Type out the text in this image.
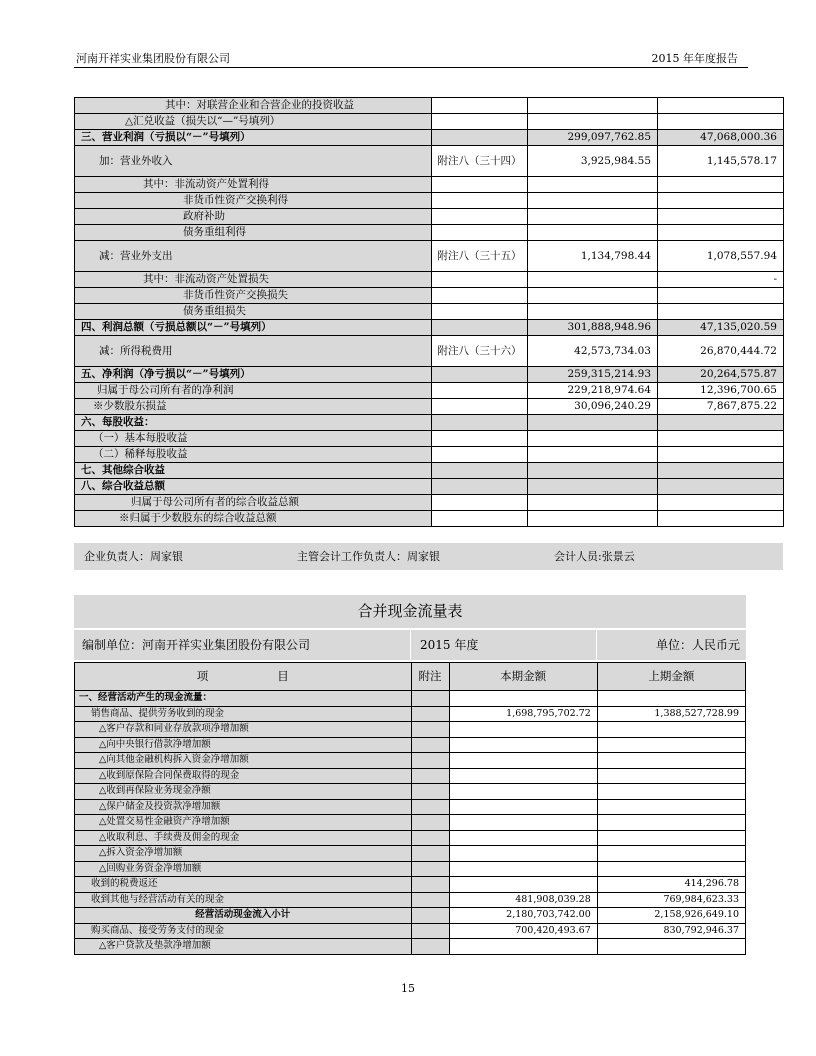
河南开祥实业集团股份有限公司	2015 年年度报告
其中：对联营企业和合营企业的投资收益			
△汇兑收益（损失以“—”号填列）			
三、营业利润（亏损以“－”号填列）		299,097,762.85	47,068,000.36
加：营业外收入	附注八（三十四）	3,925,984.55	1,145,578.17
其中：非流动资产处置利得			
非货币性资产交换利得			
政府补助			
债务重组利得			
减：营业外支出	附注八（三十五）	1,134,798.44	1,078,557.94
其中：非流动资产处置损失			-
非货币性资产交换损失			
债务重组损失			
四、利润总额（亏损总额以“－”号填列）		301,888,948.96	47,135,020.59
减：所得税费用	附注八（三十六）	42,573,734.03	26,870,444.72
五、净利润（净亏损以“－”号填列）		259,315,214.93	20,264,575.87
归属于母公司所有者的净利润		229,218,974.64	12,396,700.65
※少数股东损益		30,096,240.29	7,867,875.22
六、每股收益：			
（一）基本每股收益			
（二）稀释每股收益			
七、其他综合收益			
八、综合收益总额			
归属于母公司所有者的综合收益总额			
※归属于少数股东的综合收益总额			
企业负责人：周家银	主管会计工作负责人：周家银	会计人员:张景云
合并现金流量表
编制单位：河南开祥实业集团股份有限公司	2015 年度	单位：人民币元
项　　　　　　目	附注	本期金额	上期金额
一、经营活动产生的现金流量：			
销售商品、提供劳务收到的现金		1,698,795,702.72	1,388,527,728.99
△客户存款和同业存放款项净增加额			
△向中央银行借款净增加额			
△向其他金融机构拆入资金净增加额			
△收到原保险合同保费取得的现金			
△收到再保险业务现金净额			
△保户储金及投资款净增加额			
△处置交易性金融资产净增加额			
△收取利息、手续费及佣金的现金			
△拆入资金净增加额			
△回购业务资金净增加额			
收到的税费返还			414,296.78
收到其他与经营活动有关的现金		481,908,039.28	769,984,623.33
经营活动现金流入小计		2,180,703,742.00	2,158,926,649.10
购买商品、接受劳务支付的现金		700,420,493.67	830,792,946.37
△客户贷款及垫款净增加额			
15
